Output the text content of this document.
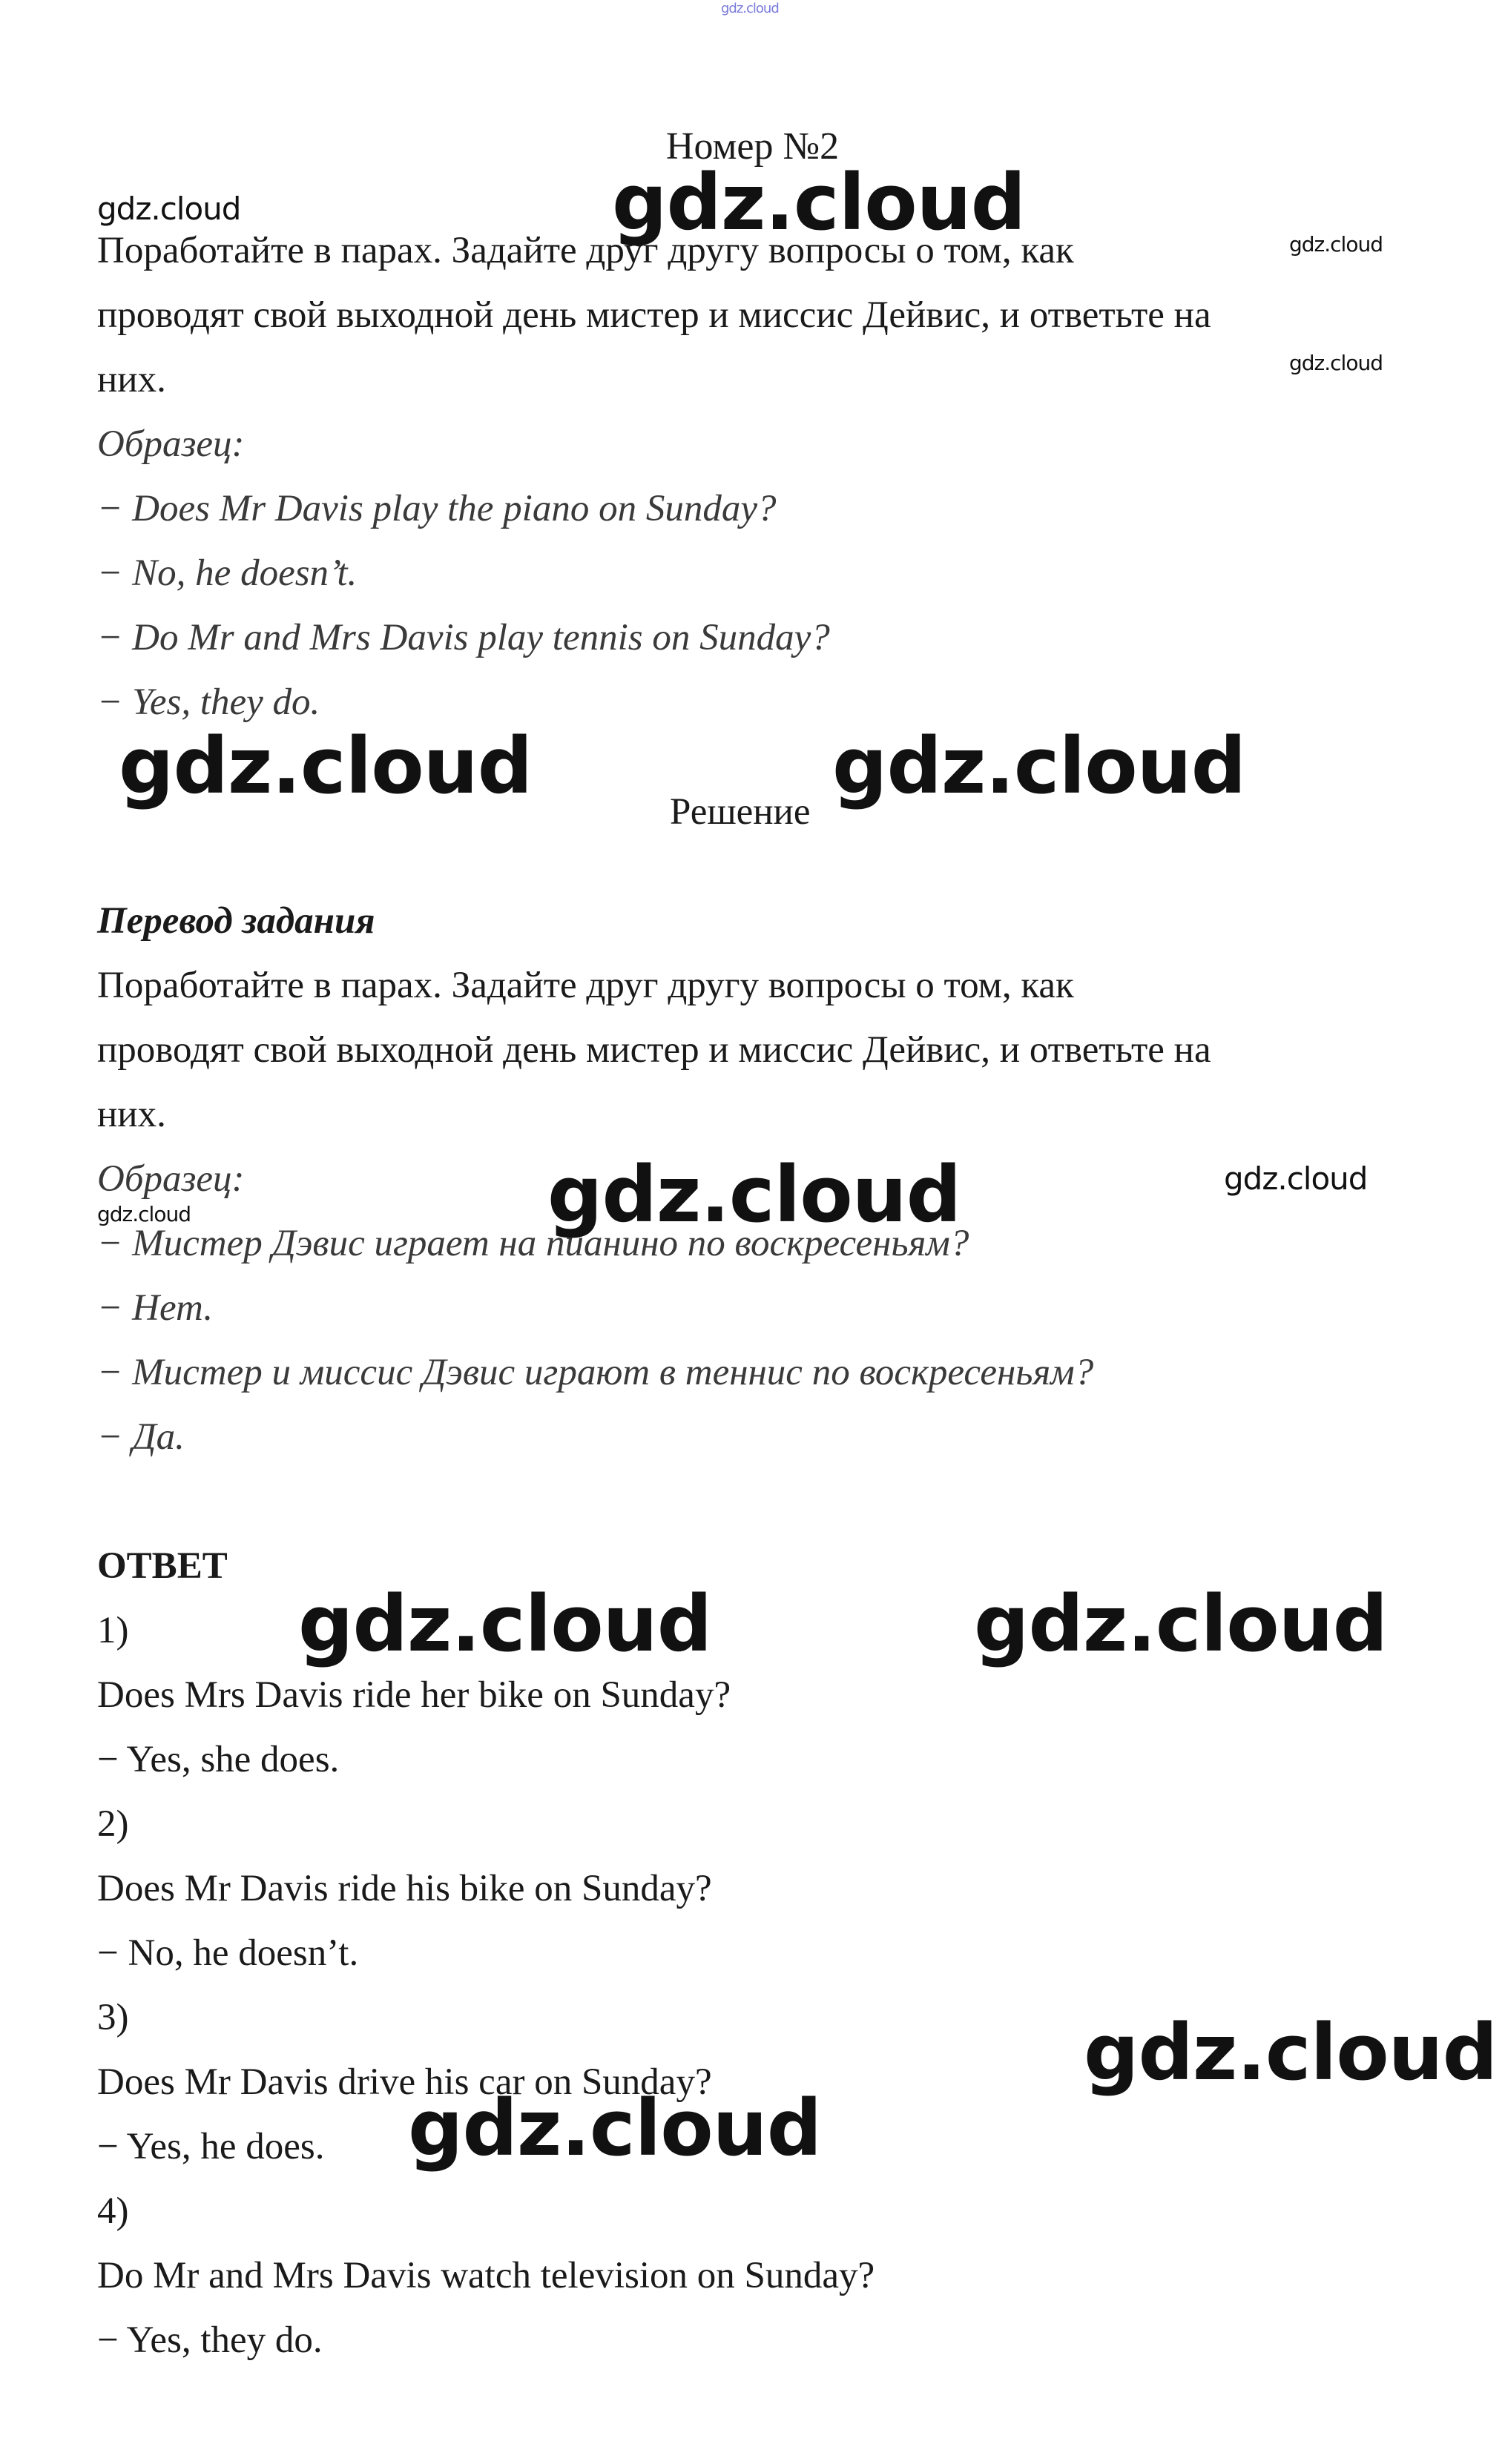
gdz.cloud
Номер №2
gdz.cloud	gdz.cloud	gdz.cloud
gdz.cloud
Поработайте в парах. Задайте друг другу вопросы о том, как
проводят свой выходной день мистер и миссис Дейвис, и ответьте на
них.
Образец:
− Does Mr Davis play the piano on Sunday?
− No, he doesn’t.
− Do Mr and Mrs Davis play tennis on Sunday?
− Yes, they do.
gdz.cloud	gdz.cloud
Решение
Перевод задания
Поработайте в парах. Задайте друг другу вопросы о том, как
проводят свой выходной день мистер и миссис Дейвис, и ответьте на
них.
Образец:
gdz.cloud	gdz.cloud	gdz.cloud
− Мистер Дэвис играет на пианино по воскресеньям?
− Нет.
− Мистер и миссис Дэвис играют в теннис по воскресеньям?
− Да.
ОТВЕТ
1) gdz.cloud	gdz.cloud
Does Mrs Davis ride her bike on Sunday?
− Yes, she does.
2)
Does Mr Davis ride his bike on Sunday?
− No, he doesn’t.
3)	gdz.cloud
Does Mr Davis drive his car on Sunday?
gdz.cloud
− Yes, he does.
4)
Do Mr and Mrs Davis watch television on Sunday?
− Yes, they do.
